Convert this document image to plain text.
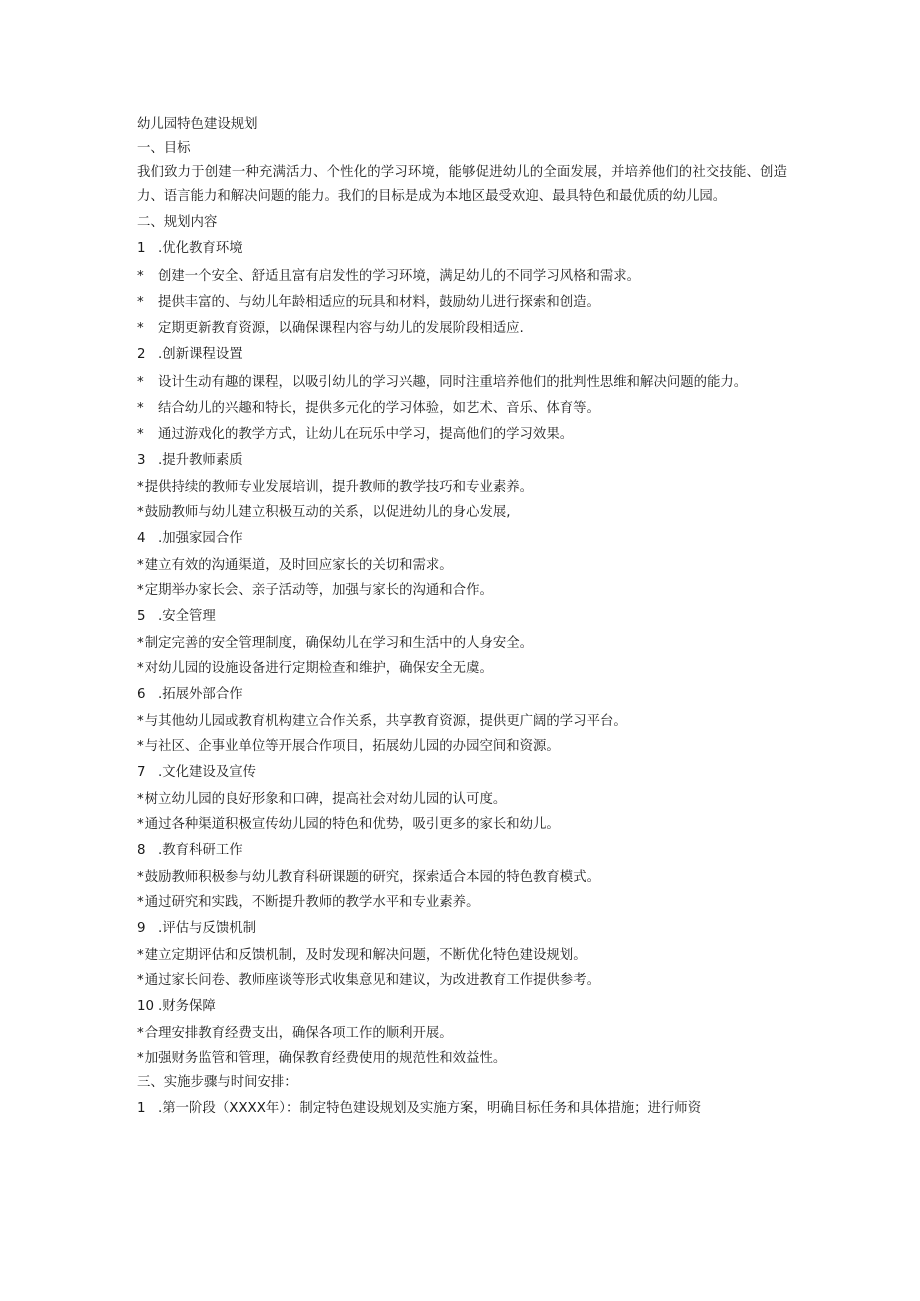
幼儿园特色建设规划
一、目标
我们致力于创建一种充满活力、个性化的学习环境，能够促进幼儿的全面发展，并培养他们的社交技能、创造力、语言能力和解决问题的能力。我们的目标是成为本地区最受欢迎、最具特色和最优质的幼儿园。
二、规划内容
1 .优化教育环境
* 创建一个安全、舒适且富有启发性的学习环境，满足幼儿的不同学习风格和需求。
* 提供丰富的、与幼儿年龄相适应的玩具和材料，鼓励幼儿进行探索和创造。
* 定期更新教育资源，以确保课程内容与幼儿的发展阶段相适应.
2 .创新课程设置
* 设计生动有趣的课程，以吸引幼儿的学习兴趣，同时注重培养他们的批判性思维和解决问题的能力。
* 结合幼儿的兴趣和特长，提供多元化的学习体验，如艺术、音乐、体育等。
* 通过游戏化的教学方式，让幼儿在玩乐中学习，提高他们的学习效果。
3 .提升教师素质
*提供持续的教师专业发展培训，提升教师的教学技巧和专业素养。
*鼓励教师与幼儿建立积极互动的关系，以促进幼儿的身心发展,
4 .加强家园合作
*建立有效的沟通渠道，及时回应家长的关切和需求。
*定期举办家长会、亲子活动等，加强与家长的沟通和合作。
5 .安全管理
*制定完善的安全管理制度，确保幼儿在学习和生活中的人身安全。
*对幼儿园的设施设备进行定期检查和维护，确保安全无虞。
6 .拓展外部合作
*与其他幼儿园或教育机构建立合作关系，共享教育资源，提供更广阔的学习平台。
*与社区、企事业单位等开展合作项目，拓展幼儿园的办园空间和资源。
7 .文化建设及宣传
*树立幼儿园的良好形象和口碑，提高社会对幼儿园的认可度。
*通过各种渠道积极宣传幼儿园的特色和优势，吸引更多的家长和幼儿。
8 .教育科研工作
*鼓励教师积极参与幼儿教育科研课题的研究，探索适合本园的特色教育模式。
*通过研究和实践，不断提升教师的教学水平和专业素养。
9 .评估与反馈机制
*建立定期评估和反馈机制，及时发现和解决问题，不断优化特色建设规划。
*通过家长问卷、教师座谈等形式收集意见和建议，为改进教育工作提供参考。
10 .财务保障
*合理安排教育经费支出，确保各项工作的顺利开展。
*加强财务监管和管理，确保教育经费使用的规范性和效益性。
三、实施步骤与时间安排：
1 .第一阶段（XXXX年）：制定特色建设规划及实施方案，明确目标任务和具体措施；进行师资
